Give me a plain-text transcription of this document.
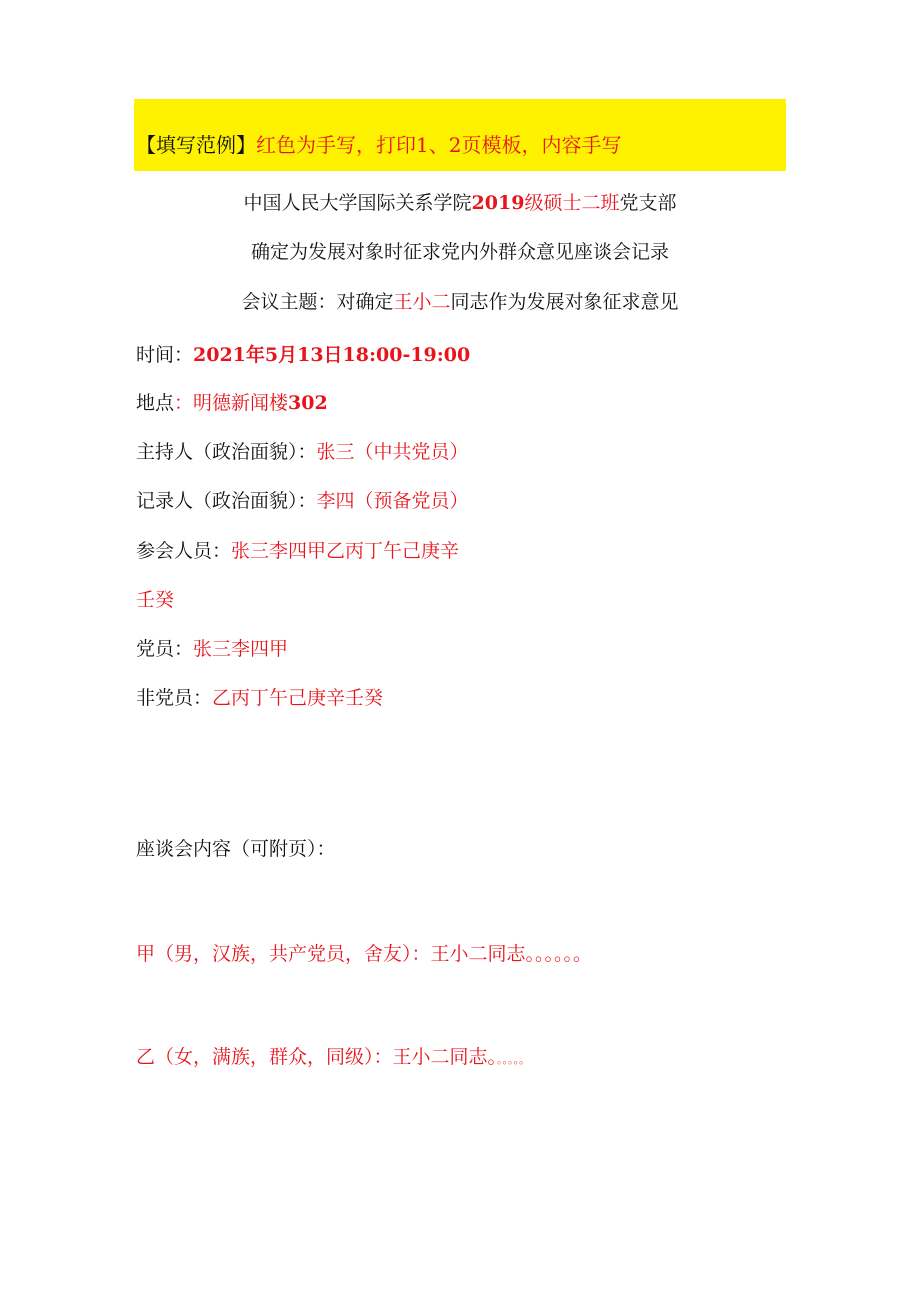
【填写范例】红色为手写，打印1、2页模板，内容手写
中国人民大学国际关系学院2019级硕士二班党支部
确定为发展对象时征求党内外群众意见座谈会记录
会议主题：对确定王小二同志作为发展对象征求意见
时间：2021年5月13日18:00-19:00
地点：明德新闻楼302
主持人（政治面貌）：张三（中共党员）
记录人（政治面貌）：李四（预备党员）
参会人员：张三李四甲乙丙丁午己庚辛
壬癸
党员：张三李四甲
非党员：乙丙丁午己庚辛壬癸
座谈会内容（可附页）：
甲（男，汉族，共产党员，舍友）：王小二同志。。。。。。
乙（女，满族，群众，同级）：王小二同志。。。。。。
